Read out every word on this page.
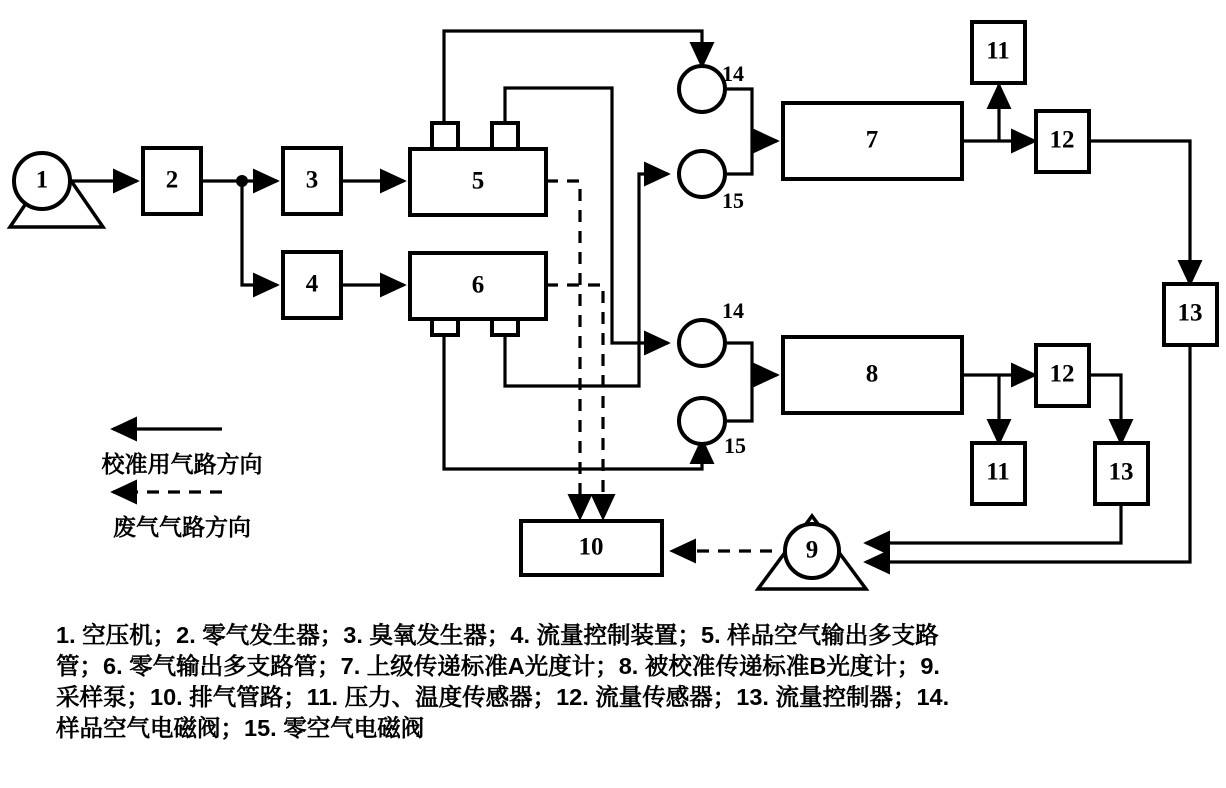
1	2	3
4
5
6
14
15
14
15
7
8
11
12
13
12
11	13
10	9
校准用气路方向
废气气路方向
1. 空压机；2. 零气发生器；3. 臭氧发生器；4. 流量控制装置；5. 样品空气输出多支路
管；6. 零气输出多支路管；7. 上级传递标准A光度计；8. 被校准传递标准B光度计；9.
采样泵；10. 排气管路；11. 压力、温度传感器；12. 流量传感器；13. 流量控制器；14.
样品空气电磁阀；15. 零空气电磁阀
